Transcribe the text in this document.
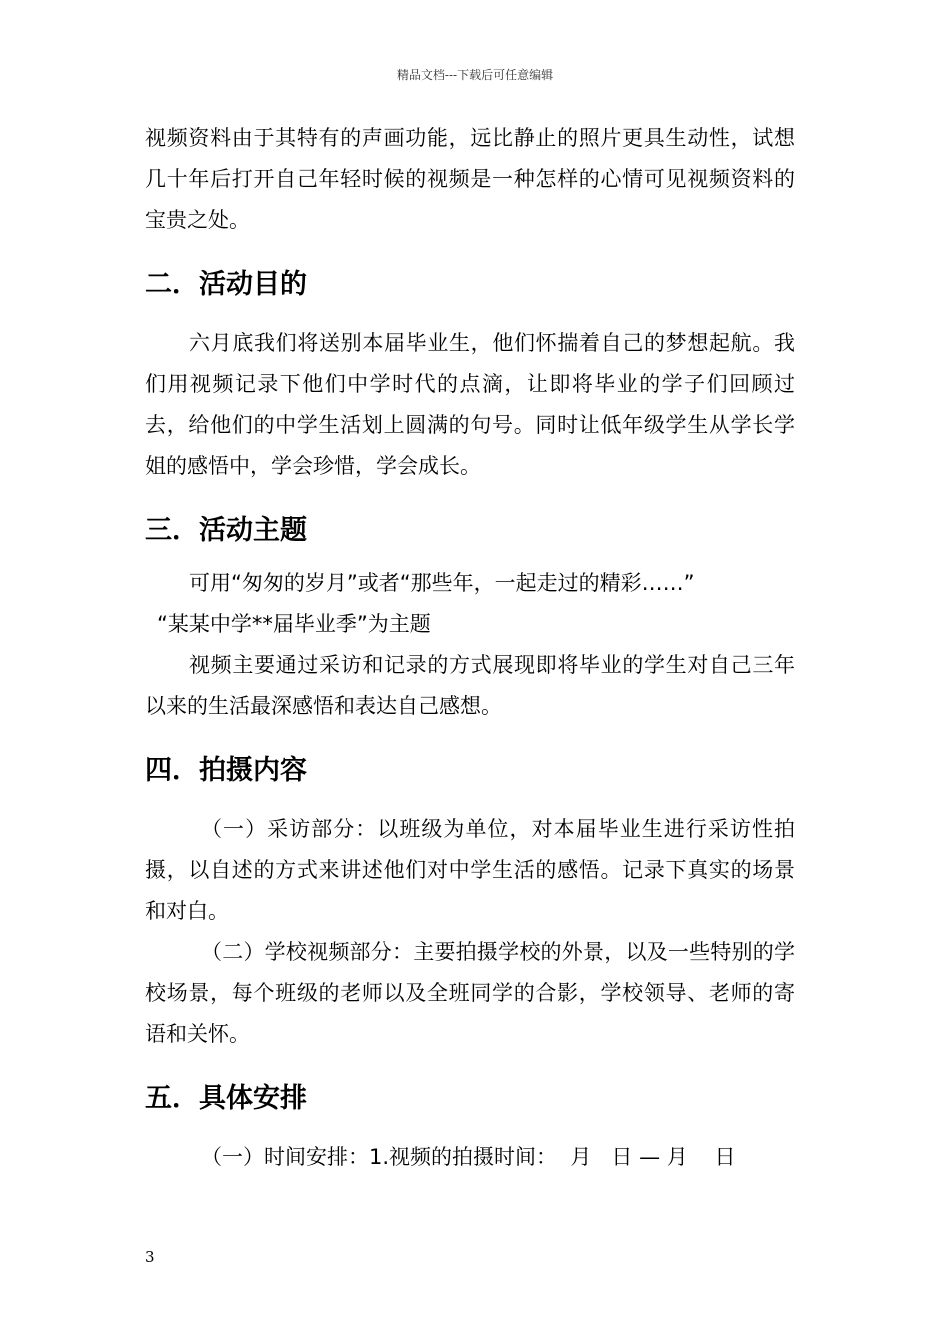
精品文档---下载后可任意编辑

视频资料由于其特有的声画功能，远比静止的照片更具生动性，试想几十年后打开自己年轻时候的视频是一种怎样的心情可见视频资料的宝贵之处。

二．活动目的

六月底我们将送别本届毕业生，他们怀揣着自己的梦想起航。我们用视频记录下他们中学时代的点滴，让即将毕业的学子们回顾过去，给他们的中学生活划上圆满的句号。同时让低年级学生从学长学姐的感悟中，学会珍惜，学会成长。

三．活动主题

可用“匆匆的岁月”或者“那些年，一起走过的精彩……”

“某某中学**届毕业季”为主题

视频主要通过采访和记录的方式展现即将毕业的学生对自己三年以来的生活最深感悟和表达自己感想。

四．拍摄内容

（一）采访部分：以班级为单位，对本届毕业生进行采访性拍摄，以自述的方式来讲述他们对中学生活的感悟。记录下真实的场景和对白。

（二）学校视频部分：主要拍摄学校的外景，以及一些特别的学校场景，每个班级的老师以及全班同学的合影，学校领导、老师的寄语和关怀。

五．具体安排

（一）时间安排：1.视频的拍摄时间：  月   日 — 月    日

3
